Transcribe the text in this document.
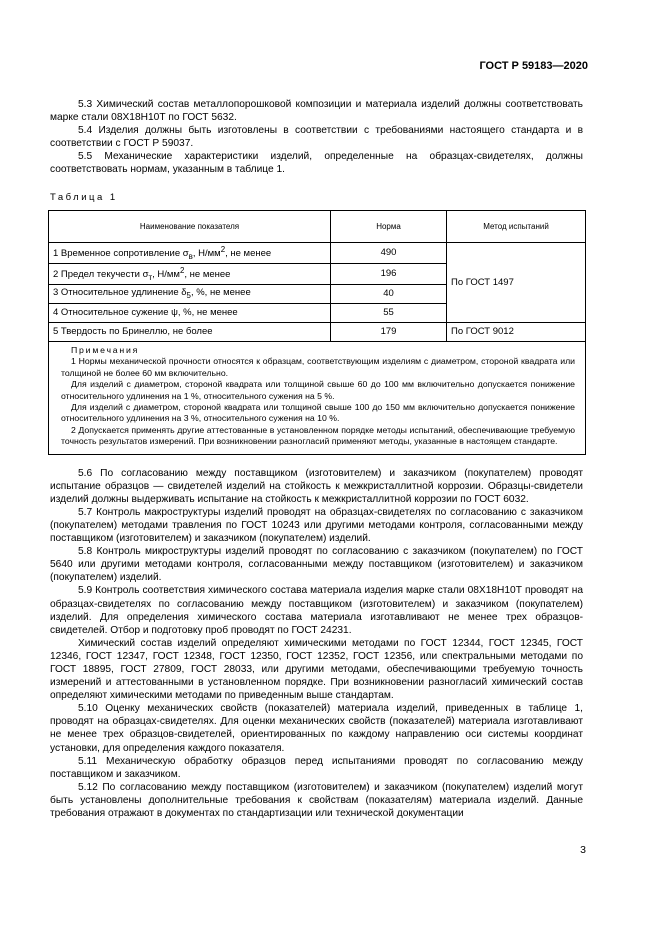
ГОСТ Р 59183—2020

5.3 Химический состав металлопорошковой композиции и материала изделий должны соответствовать марке стали 08Х18Н10Т по ГОСТ 5632.

5.4 Изделия должны быть изготовлены в соответствии с требованиями настоящего стандарта и в соответствии с ГОСТ Р 59037.

5.5 Механические характеристики изделий, определенные на образцах-свидетелях, должны соответствовать нормам, указанным в таблице 1.

Таблица 1

Наименование показателя	Норма	Метод испытаний
1 Временное сопротивление $\sigma_в$, $Н/мм^2$, не менее	490	По ГОСТ 1497
2 Предел текучести $\sigma_т$, $Н/мм^2$, не менее	196	
3 Относительное удлинение $\delta_5$, %, не менее	40	
4 Относительное сужение ψ, %, не менее	55	
5 Твердость по Бринеллю, не более	179	По ГОСТ 9012

Примечания

1 Нормы механической прочности относятся к образцам, соответствующим изделиям с диаметром, стороной квадрата или толщиной не более 60 мм включительно.

Для изделий с диаметром, стороной квадрата или толщиной свыше 60 до 100 мм включительно допускается понижение относительного удлинения на 1 %, относительного сужения на 5 %.

Для изделий с диаметром, стороной квадрата или толщиной свыше 100 до 150 мм включительно допускается понижение относительного удлинения на 3 %, относительного сужения на 10 %.

2 Допускается применять другие аттестованные в установленном порядке методы испытаний, обеспечивающие требуемую точность результатов измерений. При возникновении разногласий применяют методы, указанные в настоящем стандарте.		

5.6 По согласованию между поставщиком (изготовителем) и заказчиком (покупателем) проводят испытание образцов — свидетелей изделий на стойкость к межкристаллитной коррозии. Образцы-свидетели изделий должны выдерживать испытание на стойкость к межкристаллитной коррозии по ГОСТ 6032.

5.7 Контроль макроструктуры изделий проводят на образцах-свидетелях по согласованию с заказчиком (покупателем) методами травления по ГОСТ 10243 или другими методами контроля, согласованными между поставщиком (изготовителем) и заказчиком (покупателем) изделий.

5.8 Контроль микроструктуры изделий проводят по согласованию с заказчиком (покупателем) по ГОСТ 5640 или другими методами контроля, согласованными между поставщиком (изготовителем) и заказчиком (покупателем) изделий.

5.9 Контроль соответствия химического состава материала изделия марке стали 08Х18Н10Т проводят на образцах-свидетелях по согласованию между поставщиком (изготовителем) и заказчиком (покупателем) изделий. Для определения химического состава материала изготавливают не менее трех образцов-свидетелей. Отбор и подготовку проб проводят по ГОСТ 24231.

Химический состав изделий определяют химическими методами по ГОСТ 12344, ГОСТ 12345, ГОСТ 12346, ГОСТ 12347, ГОСТ 12348, ГОСТ 12350, ГОСТ 12352, ГОСТ 12356, или спектральными методами по ГОСТ 18895, ГОСТ 27809, ГОСТ 28033, или другими методами, обеспечивающими требуемую точность измерений и аттестованными в установленном порядке. При возникновении разногласий химический состав определяют химическими методами по приведенным выше стандартам.

5.10 Оценку механических свойств (показателей) материала изделий, приведенных в таблице 1, проводят на образцах-свидетелях. Для оценки механических свойств (показателей) материала изготавливают не менее трех образцов-свидетелей, ориентированных по каждому направлению оси системы координат установки, для определения каждого показателя.

5.11 Механическую обработку образцов перед испытаниями проводят по согласованию между поставщиком и заказчиком.

5.12 По согласованию между поставщиком (изготовителем) и заказчиком (покупателем) изделий могут быть установлены дополнительные требования к свойствам (показателям) материала изделий. Данные требования отражают в документах по стандартизации или технической документации

3
